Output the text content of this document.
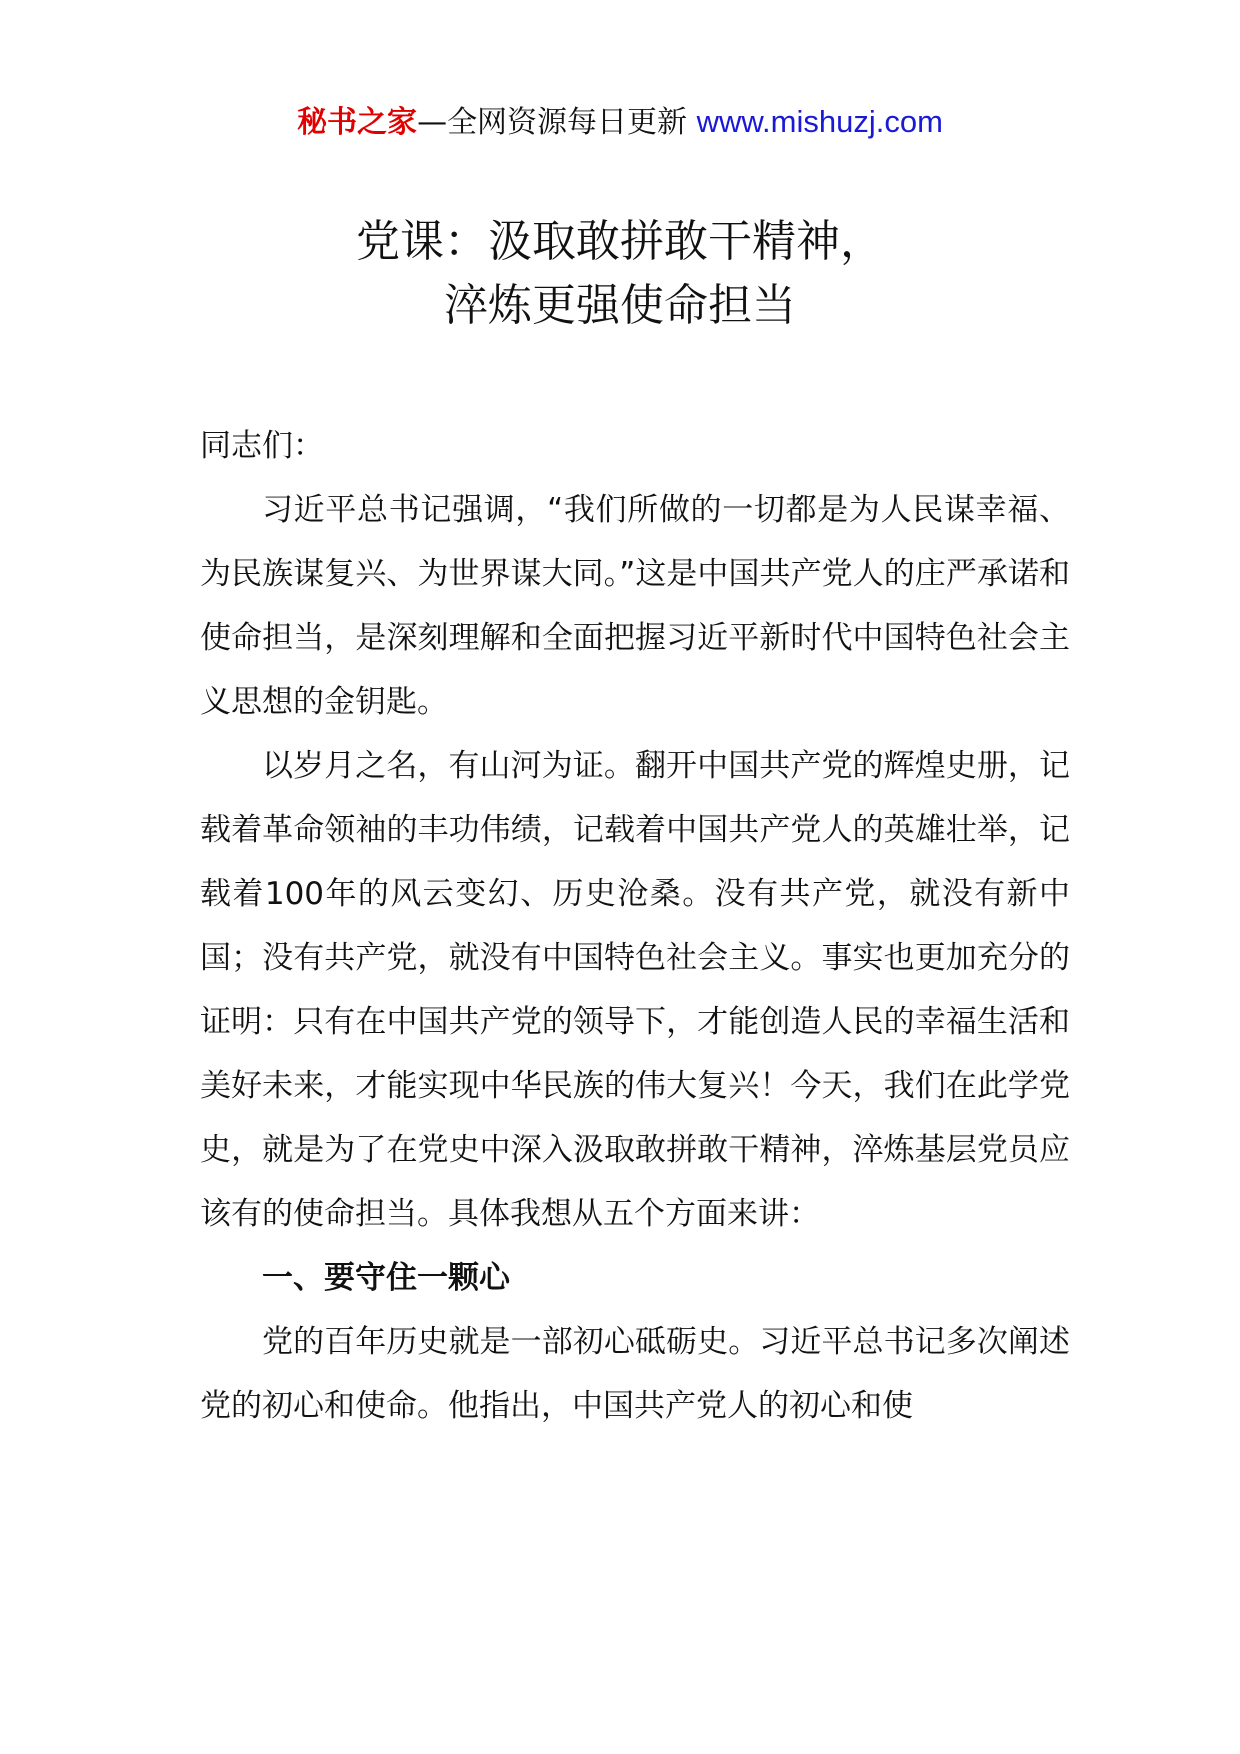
秘书之家—全网资源每日更新 www.mishuzj.com
党课：汲取敢拼敢干精神，
淬炼更强使命担当

同志们：

习近平总书记强调，“我们所做的一切都是为人民谋幸福、为民族谋复兴、为世界谋大同。”这是中国共产党人的庄严承诺和使命担当，是深刻理解和全面把握习近平新时代中国特色社会主义思想的金钥匙。

以岁月之名，有山河为证。翻开中国共产党的辉煌史册，记载着革命领袖的丰功伟绩，记载着中国共产党人的英雄壮举，记载着100年的风云变幻、历史沧桑。没有共产党，就没有新中国；没有共产党，就没有中国特色社会主义。事实也更加充分的证明：只有在中国共产党的领导下，才能创造人民的幸福生活和美好未来，才能实现中华民族的伟大复兴！今天，我们在此学党史，就是为了在党史中深入汲取敢拼敢干精神，淬炼基层党员应该有的使命担当。具体我想从五个方面来讲：

一、要守住一颗心

党的百年历史就是一部初心砥砺史。习近平总书记多次阐述党的初心和使命。他指出，中国共产党人的初心和使
